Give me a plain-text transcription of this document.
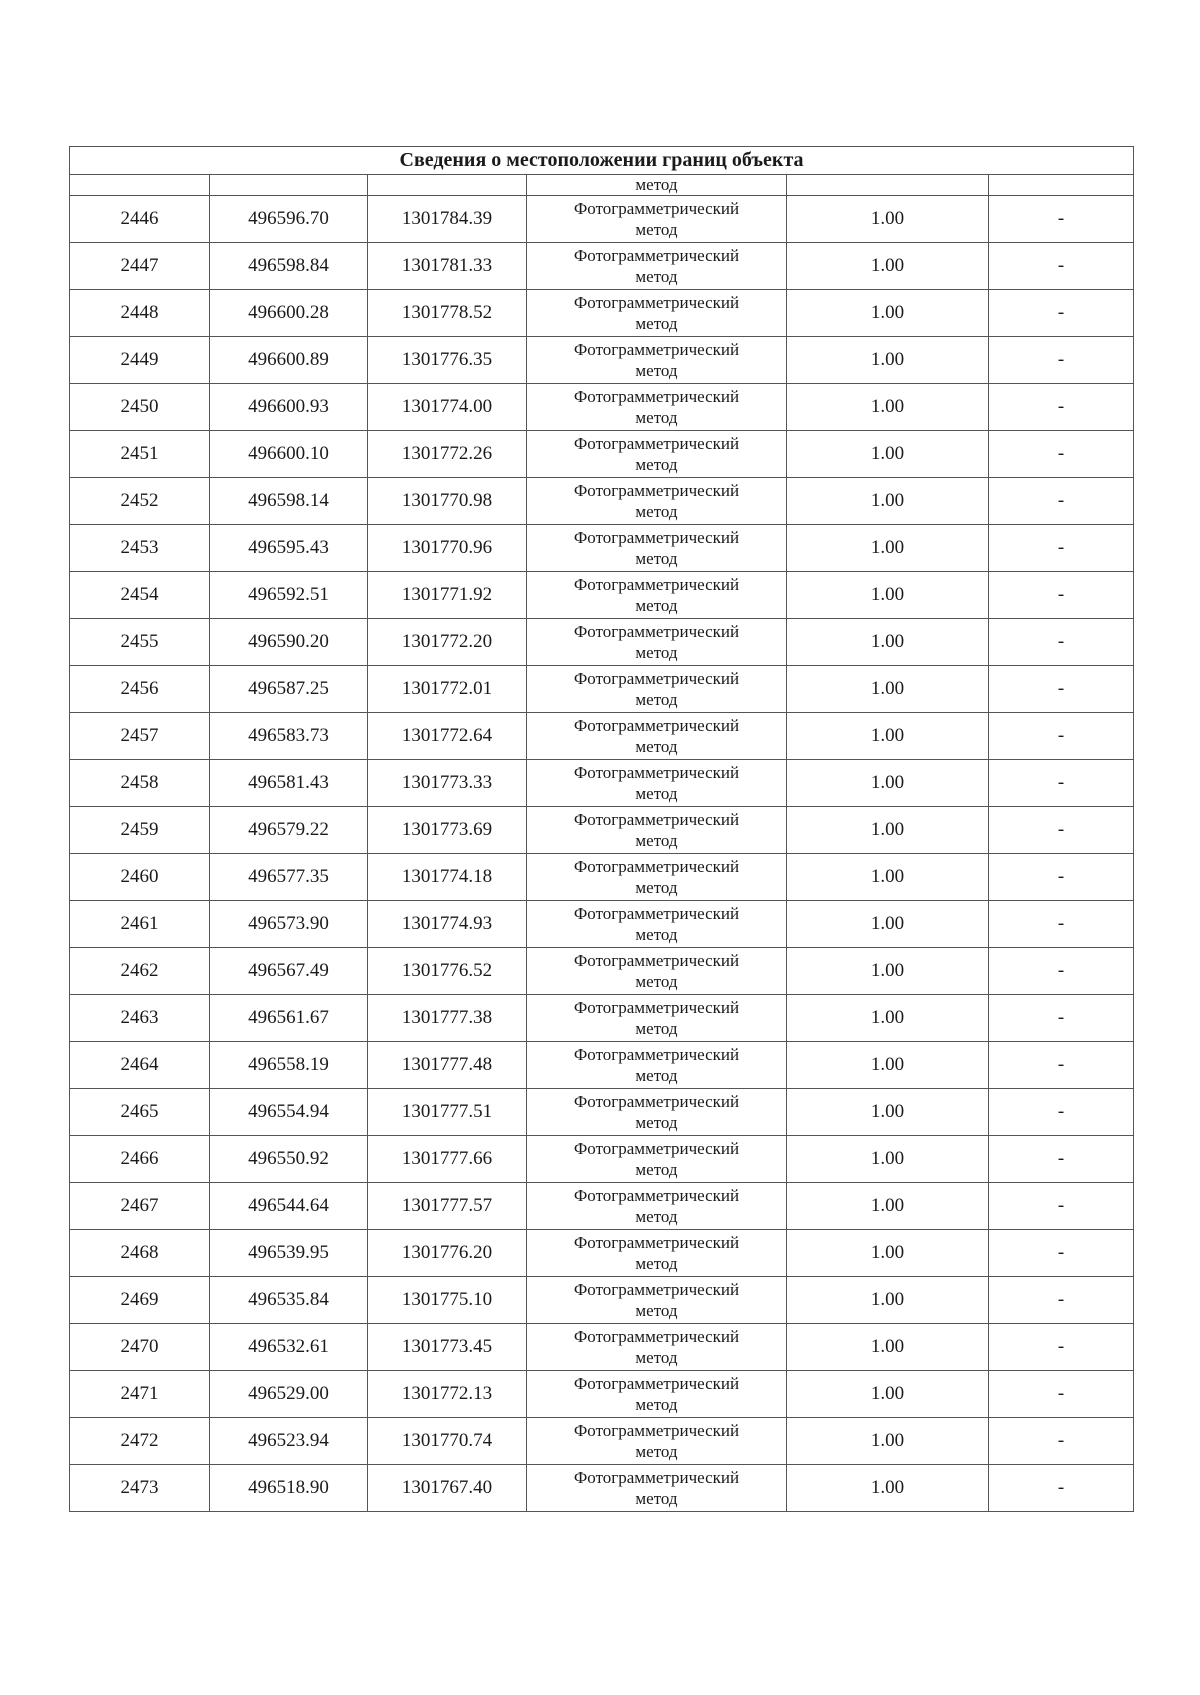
Сведения о местоположении границ объекта					
			метод		
2446	496596.70	1301784.39	Фотограмметрический
метод	1.00	-
2447	496598.84	1301781.33	Фотограмметрический
метод	1.00	-
2448	496600.28	1301778.52	Фотограмметрический
метод	1.00	-
2449	496600.89	1301776.35	Фотограмметрический
метод	1.00	-
2450	496600.93	1301774.00	Фотограмметрический
метод	1.00	-
2451	496600.10	1301772.26	Фотограмметрический
метод	1.00	-
2452	496598.14	1301770.98	Фотограмметрический
метод	1.00	-
2453	496595.43	1301770.96	Фотограмметрический
метод	1.00	-
2454	496592.51	1301771.92	Фотограмметрический
метод	1.00	-
2455	496590.20	1301772.20	Фотограмметрический
метод	1.00	-
2456	496587.25	1301772.01	Фотограмметрический
метод	1.00	-
2457	496583.73	1301772.64	Фотограмметрический
метод	1.00	-
2458	496581.43	1301773.33	Фотограмметрический
метод	1.00	-
2459	496579.22	1301773.69	Фотограмметрический
метод	1.00	-
2460	496577.35	1301774.18	Фотограмметрический
метод	1.00	-
2461	496573.90	1301774.93	Фотограмметрический
метод	1.00	-
2462	496567.49	1301776.52	Фотограмметрический
метод	1.00	-
2463	496561.67	1301777.38	Фотограмметрический
метод	1.00	-
2464	496558.19	1301777.48	Фотограмметрический
метод	1.00	-
2465	496554.94	1301777.51	Фотограмметрический
метод	1.00	-
2466	496550.92	1301777.66	Фотограмметрический
метод	1.00	-
2467	496544.64	1301777.57	Фотограмметрический
метод	1.00	-
2468	496539.95	1301776.20	Фотограмметрический
метод	1.00	-
2469	496535.84	1301775.10	Фотограмметрический
метод	1.00	-
2470	496532.61	1301773.45	Фотограмметрический
метод	1.00	-
2471	496529.00	1301772.13	Фотограмметрический
метод	1.00	-
2472	496523.94	1301770.74	Фотограмметрический
метод	1.00	-
2473	496518.90	1301767.40	Фотограмметрический
метод	1.00	-
